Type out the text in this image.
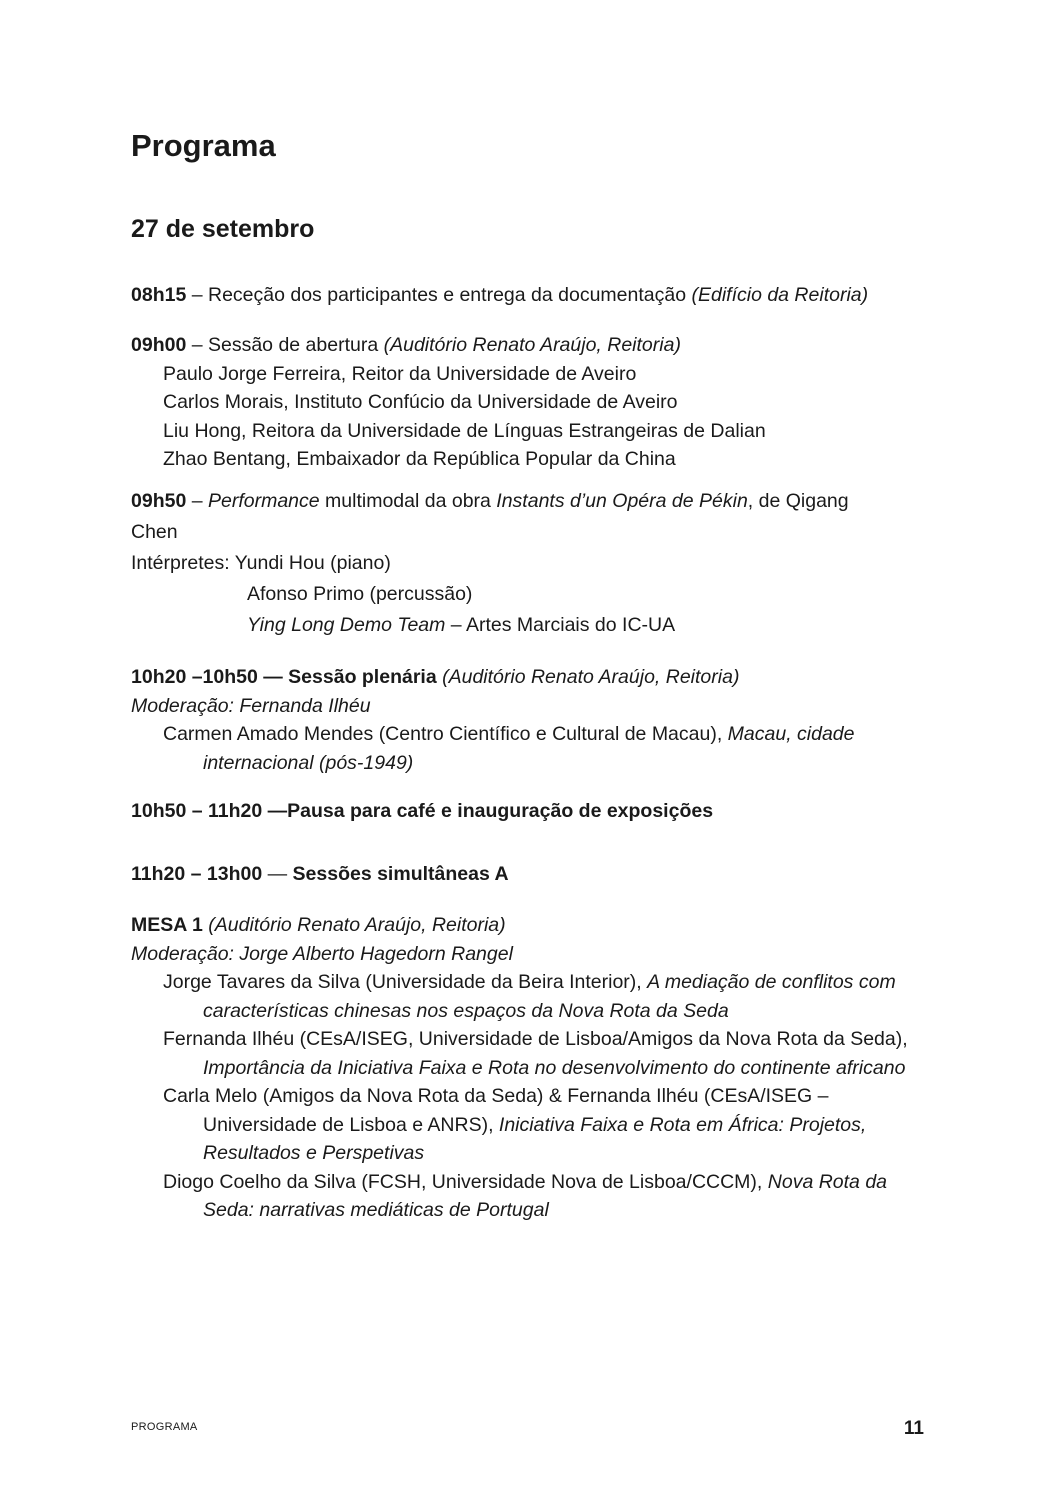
Programa
27 de setembro
08h15 – Receção dos participantes e entrega da documentação (Edifício da Reitoria)
09h00 – Sessão de abertura (Auditório Renato Araújo, Reitoria)
Paulo Jorge Ferreira, Reitor da Universidade de Aveiro
Carlos Morais, Instituto Confúcio da Universidade de Aveiro
Liu Hong, Reitora da Universidade de Línguas Estrangeiras de Dalian
Zhao Bentang, Embaixador da República Popular da China
09h50 – Performance multimodal da obra Instants d’un Opéra de Pékin, de Qigang
Chen
Intérpretes: Yundi Hou (piano)
Afonso Primo (percussão)
Ying Long Demo Team – Artes Marciais do IC-UA
10h20 –10h50 — Sessão plenária (Auditório Renato Araújo, Reitoria)
Moderação: Fernanda Ilhéu
Carmen Amado Mendes (Centro Científico e Cultural de Macau), Macau, cidade internacional (pós-1949)
10h50 – 11h20 —Pausa para café e inauguração de exposições
11h20 – 13h00 — Sessões simultâneas A
MESA 1 (Auditório Renato Araújo, Reitoria)
Moderação: Jorge Alberto Hagedorn Rangel
Jorge Tavares da Silva (Universidade da Beira Interior), A mediação de conflitos com características chinesas nos espaços da Nova Rota da Seda
Fernanda Ilhéu (CEsA/ISEG, Universidade de Lisboa/Amigos da Nova Rota da Seda), Importância da Iniciativa Faixa e Rota no desenvolvimento do continente africano
Carla Melo (Amigos da Nova Rota da Seda) & Fernanda Ilhéu (CEsA/ISEG – Universidade de Lisboa e ANRS), Iniciativa Faixa e Rota em África: Projetos, Resultados e Perspetivas
Diogo Coelho da Silva (FCSH, Universidade Nova de Lisboa/CCCM), Nova Rota da Seda: narrativas mediáticas de Portugal
PROGRAMA	11
